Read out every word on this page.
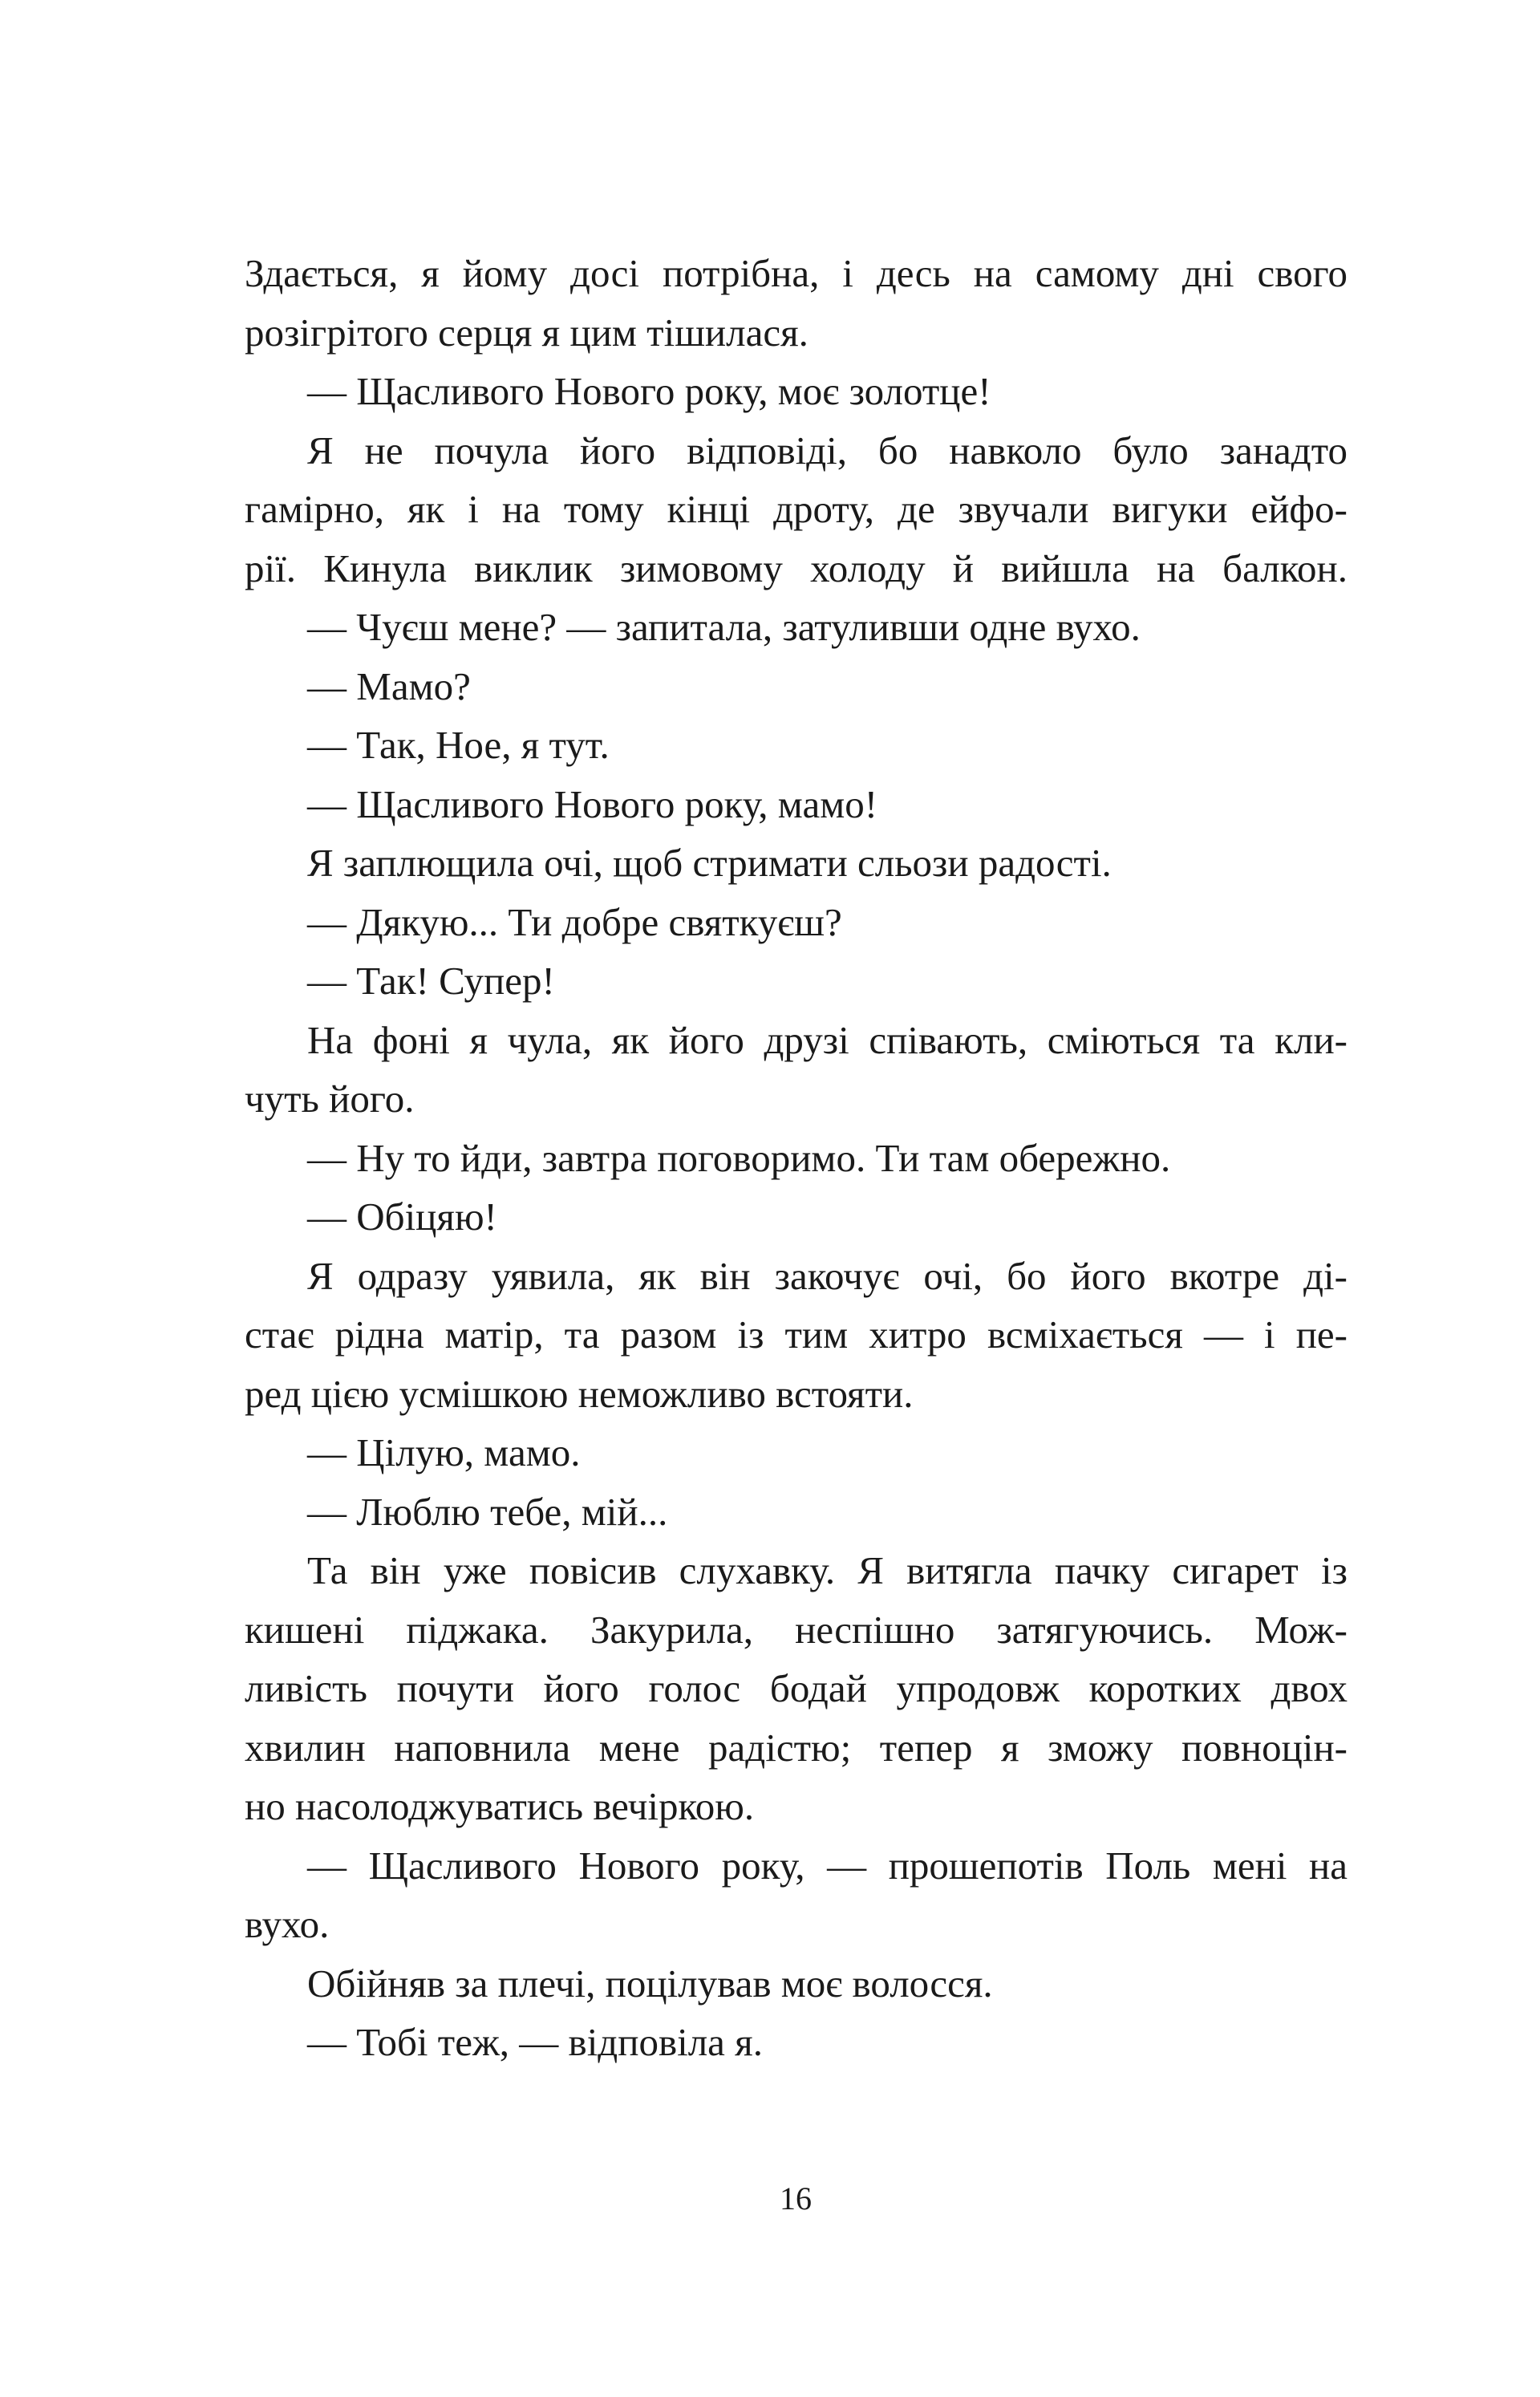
Здається, я йому досі потрібна, і десь на самому дні свого
розігрітого серця я цим тішилася.
— Щасливого Нового року, моє золотце!
Я не почула його відповіді, бо навколо було занадто
гамірно, як і на тому кінці дроту, де звучали вигуки ейфо-
рії. Кинула виклик зимовому холоду й вийшла на балкон.
— Чуєш мене? — запитала, затуливши одне вухо.
— Мамо?
— Так, Ное, я тут.
— Щасливого Нового року, мамо!
Я заплющила очі, щоб стримати сльози радості.
— Дякую... Ти добре святкуєш?
— Так! Супер!
На фоні я чула, як його друзі співають, сміються та кли-
чуть його.
— Ну то йди, завтра поговоримо. Ти там обережно.
— Обіцяю!
Я одразу уявила, як він закочує очі, бо його вкотре ді-
стає рідна матір, та разом із тим хитро всміхається — і пе-
ред цією усмішкою неможливо встояти.
— Цілую, мамо.
— Люблю тебе, мій...
Та він уже повісив слухавку. Я витягла пачку сигарет із
кишені піджака. Закурила, неспішно затягуючись. Мож-
ливість почути його голос бодай упродовж коротких двох
хвилин наповнила мене радістю; тепер я зможу повноцін-
но насолоджуватись вечіркою.
— Щасливого Нового року, — прошепотів Поль мені на
вухо.
Обійняв за плечі, поцілував моє волосся.
— Тобі теж, — відповіла я.
16
